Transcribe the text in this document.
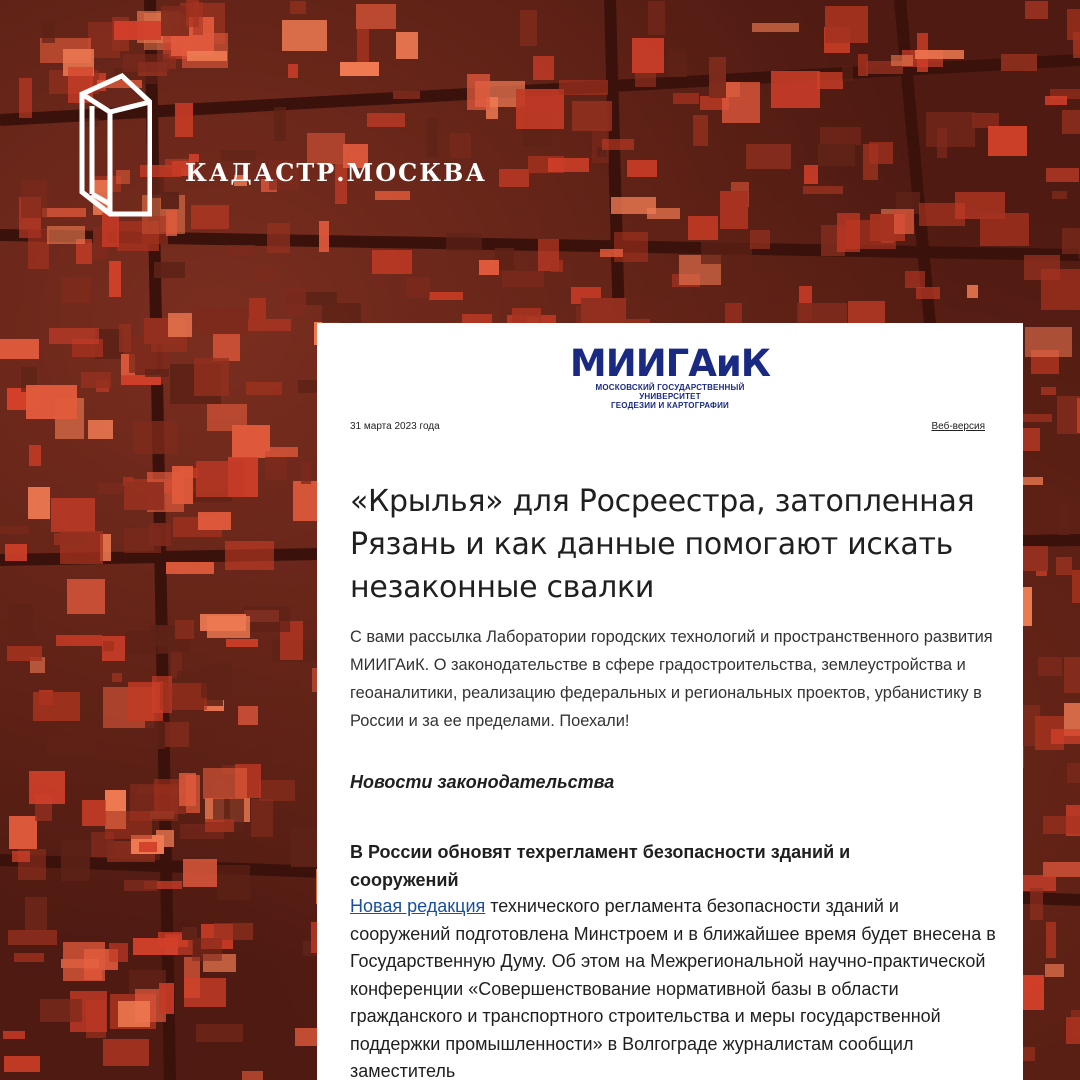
КАДАСТР.МОСКВА
МИИГАиК
МОСКОВСКИЙ ГОСУДАРСТВЕННЫЙ УНИВЕРСИТЕТ
ГЕОДЕЗИИ И КАРТОГРАФИИ
31 марта 2023 года	Веб-версия
«Крылья» для Росреестра, затопленная Рязань и как данные помогают искать незаконные свалки

С вами рассылка Лаборатории городских технологий и пространственного развития МИИГАиК. О законодательстве в сфере градостроительства, землеустройства и геоаналитики, реализацию федеральных и региональных проектов, урбанистику в России и за ее пределами. Поехали!

Новости законодательства
В России обновят техрегламент безопасности зданий и сооружений

Новая редакция технического регламента безопасности зданий и сооружений подготовлена Минстроем и в ближайшее время будет внесена в Государственную Думу. Об этом на Межрегиональной научно-практической конференции «Совершенствование нормативной базы в области гражданского и транспортного строительства и меры государственной поддержки промышленности» в Волгограде журналистам сообщил заместитель
